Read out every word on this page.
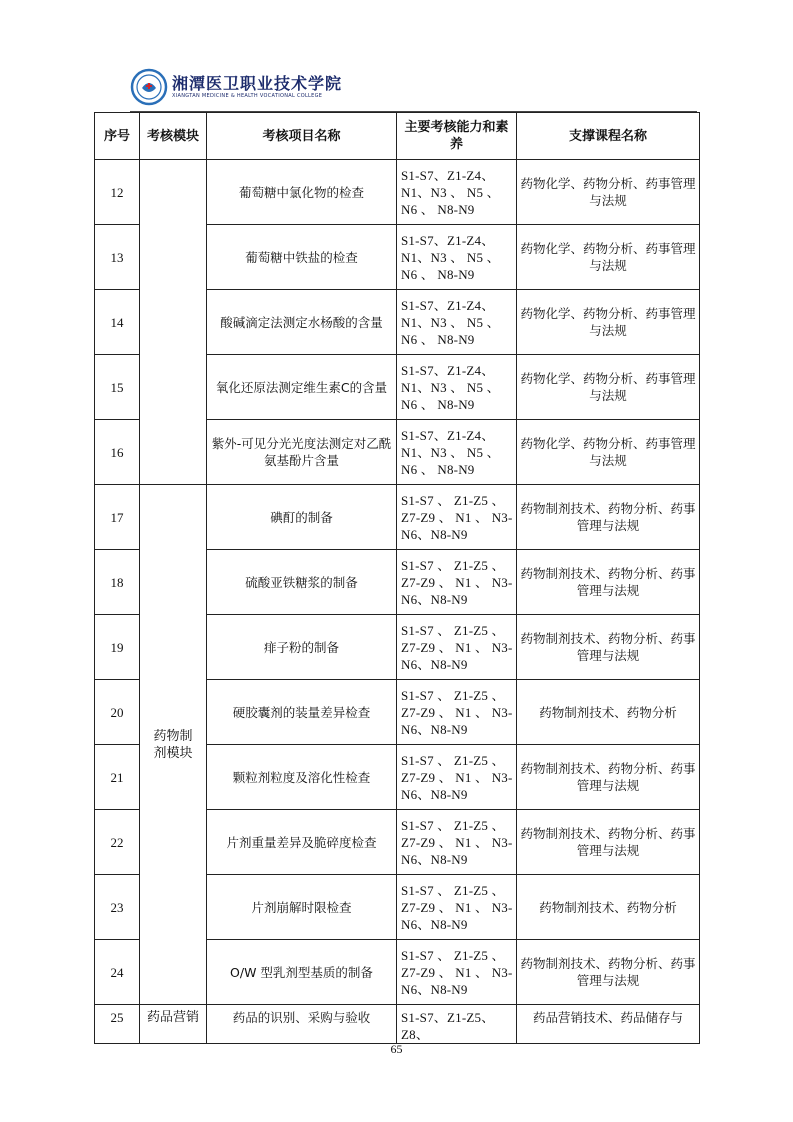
湘潭医卫职业技术学院
XIANGTAN MEDICINE & HEALTH VOCATIONAL COLLEGE
序号	考核模块	考核项目名称	主要考核能力和素养	支撑课程名称
12		葡萄糖中氯化物的检查	S1-S7、Z1-Z4、N1、N3 、 N5 、 N6 、 N8-N9	药物化学、药物分析、药事管理与法规
13		葡萄糖中铁盐的检查	S1-S7、Z1-Z4、N1、N3 、 N5 、 N6 、 N8-N9	药物化学、药物分析、药事管理与法规
14		酸碱滴定法测定水杨酸的含量	S1-S7、Z1-Z4、N1、N3 、 N5 、 N6 、 N8-N9	药物化学、药物分析、药事管理与法规
15		氧化还原法测定维生素C的含量	S1-S7、Z1-Z4、N1、N3 、 N5 、 N6 、 N8-N9	药物化学、药物分析、药事管理与法规
16		紫外-可见分光光度法测定对乙酰氨基酚片含量	S1-S7、Z1-Z4、N1、N3 、 N5 、 N6 、 N8-N9	药物化学、药物分析、药事管理与法规
17	药物制剂模块	碘酊的制备	S1-S7 、 Z1-Z5 、 Z7-Z9 、 N1 、 N3-N6、N8-N9	药物制剂技术、药物分析、药事管理与法规
18		硫酸亚铁糖浆的制备	S1-S7 、 Z1-Z5 、 Z7-Z9 、 N1 、 N3-N6、N8-N9	药物制剂技术、药物分析、药事管理与法规
19		痱子粉的制备	S1-S7 、 Z1-Z5 、 Z7-Z9 、 N1 、 N3-N6、N8-N9	药物制剂技术、药物分析、药事管理与法规
20		硬胶囊剂的装量差异检查	S1-S7 、 Z1-Z5 、 Z7-Z9 、 N1 、 N3-N6、N8-N9	药物制剂技术、药物分析
21		颗粒剂粒度及溶化性检查	S1-S7 、 Z1-Z5 、 Z7-Z9 、 N1 、 N3-N6、N8-N9	药物制剂技术、药物分析、药事管理与法规
22		片剂重量差异及脆碎度检查	S1-S7 、 Z1-Z5 、 Z7-Z9 、 N1 、 N3-N6、N8-N9	药物制剂技术、药物分析、药事管理与法规
23		片剂崩解时限检查	S1-S7 、 Z1-Z5 、 Z7-Z9 、 N1 、 N3-N6、N8-N9	药物制剂技术、药物分析
24		O/W 型乳剂型基质的制备	S1-S7 、 Z1-Z5 、 Z7-Z9 、 N1 、 N3-N6、N8-N9	药物制剂技术、药物分析、药事管理与法规
25	药品营销	药品的识别、采购与验收	S1-S7、Z1-Z5、Z8、	药品营销技术、药品储存与
65
